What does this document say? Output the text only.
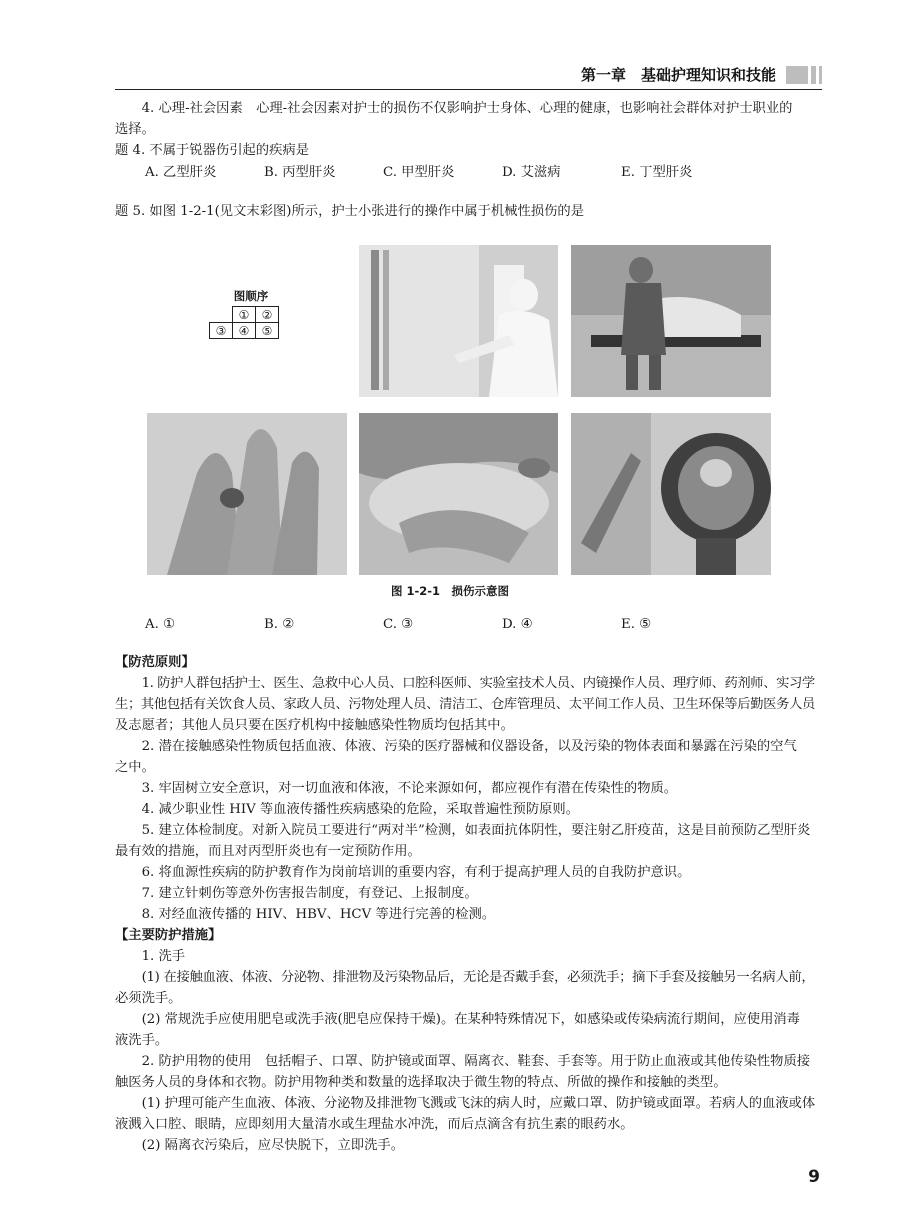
第一章　基础护理知识和技能

4. 心理-社会因素　心理-社会因素对护士的损伤不仅影响护士身体、心理的健康，也影响社会群体对护士职业的

选择。

题 4. 不属于锐器伤引起的疾病是

A. 乙型肝炎	B. 丙型肝炎	C. 甲型肝炎	D. 艾滋病	E. 丁型肝炎

题 5. 如图 1-2-1(见文末彩图)所示，护士小张进行的操作中属于机械性损伤的是

图顺序
	①	②
③	④	⑤
图 1-2-1　损伤示意图
A. ①	B. ②	C. ③	D. ④	E. ⑤

【防范原则】

1. 防护人群包括护士、医生、急救中心人员、口腔科医师、实验室技术人员、内镜操作人员、理疗师、药剂师、实习学

生；其他包括有关饮食人员、家政人员、污物处理人员、清洁工、仓库管理员、太平间工作人员、卫生环保等后勤医务人员

及志愿者；其他人员只要在医疗机构中接触感染性物质均包括其中。

2. 潜在接触感染性物质包括血液、体液、污染的医疗器械和仪器设备，以及污染的物体表面和暴露在污染的空气

之中。

3. 牢固树立安全意识，对一切血液和体液，不论来源如何，都应视作有潜在传染性的物质。

4. 减少职业性 HIV 等血液传播性疾病感染的危险，采取普遍性预防原则。

5. 建立体检制度。对新入院员工要进行“两对半”检测，如表面抗体阴性，要注射乙肝疫苗，这是目前预防乙型肝炎

最有效的措施，而且对丙型肝炎也有一定预防作用。

6. 将血源性疾病的防护教育作为岗前培训的重要内容，有利于提高护理人员的自我防护意识。

7. 建立针刺伤等意外伤害报告制度，有登记、上报制度。

8. 对经血液传播的 HIV、HBV、HCV 等进行完善的检测。

【主要防护措施】

1. 洗手

(1) 在接触血液、体液、分泌物、排泄物及污染物品后，无论是否戴手套，必须洗手；摘下手套及接触另一名病人前，

必须洗手。

(2) 常规洗手应使用肥皂或洗手液(肥皂应保持干燥)。在某种特殊情况下，如感染或传染病流行期间，应使用消毒

液洗手。

2. 防护用物的使用　包括帽子、口罩、防护镜或面罩、隔离衣、鞋套、手套等。用于防止血液或其他传染性物质接

触医务人员的身体和衣物。防护用物种类和数量的选择取决于微生物的特点、所做的操作和接触的类型。

(1) 护理可能产生血液、体液、分泌物及排泄物飞溅或飞沫的病人时，应戴口罩、防护镜或面罩。若病人的血液或体

液溅入口腔、眼睛，应即刻用大量清水或生理盐水冲洗，而后点滴含有抗生素的眼药水。

(2) 隔离衣污染后，应尽快脱下，立即洗手。

9
